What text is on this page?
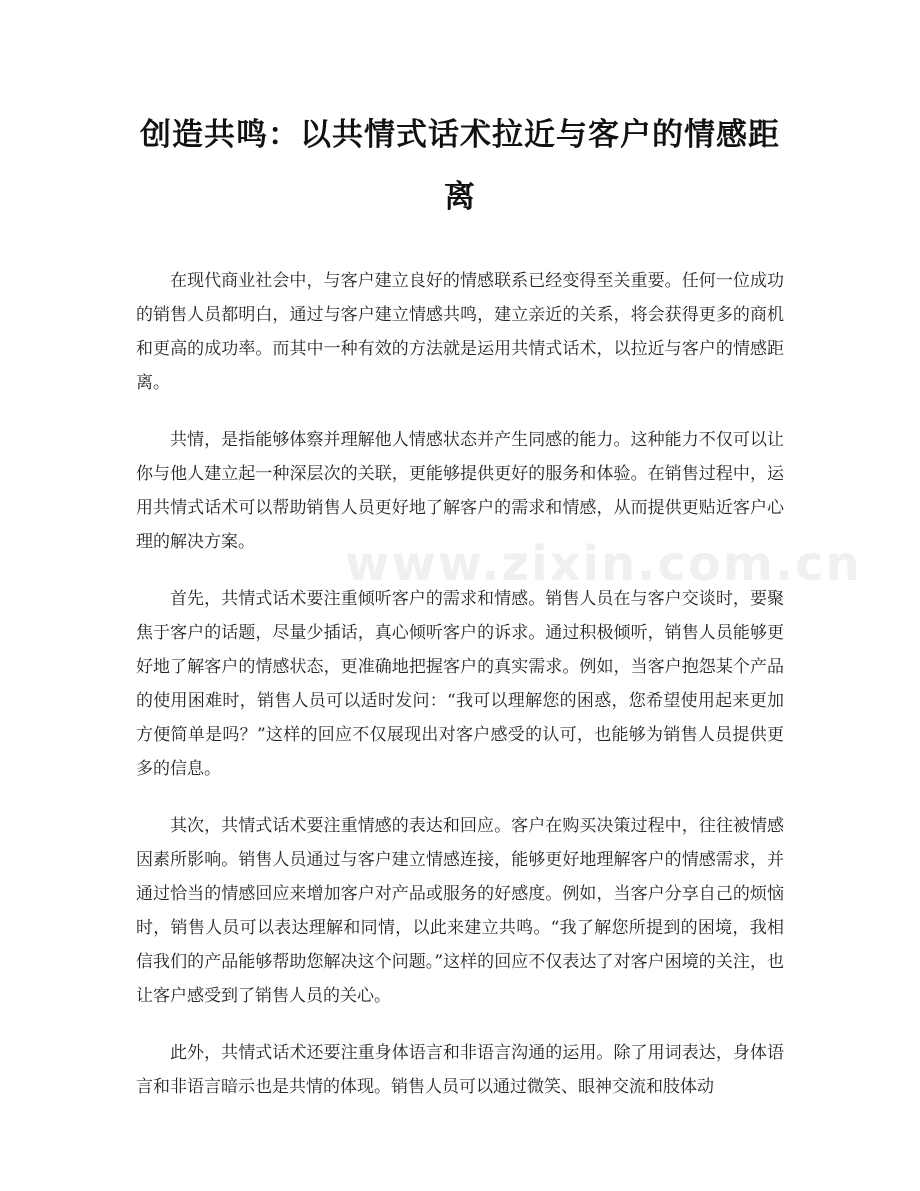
创造共鸣：以共情式话术拉近与客户的情感距离

在现代商业社会中，与客户建立良好的情感联系已经变得至关重要。任何一位成功的销售人员都明白，通过与客户建立情感共鸣，建立亲近的关系，将会获得更多的商机和更高的成功率。而其中一种有效的方法就是运用共情式话术，以拉近与客户的情感距离。

共情，是指能够体察并理解他人情感状态并产生同感的能力。这种能力不仅可以让你与他人建立起一种深层次的关联，更能够提供更好的服务和体验。在销售过程中，运用共情式话术可以帮助销售人员更好地了解客户的需求和情感，从而提供更贴近客户心理的解决方案。

首先，共情式话术要注重倾听客户的需求和情感。销售人员在与客户交谈时，要聚焦于客户的话题，尽量少插话，真心倾听客户的诉求。通过积极倾听，销售人员能够更好地了解客户的情感状态，更准确地把握客户的真实需求。例如，当客户抱怨某个产品的使用困难时，销售人员可以适时发问：“我可以理解您的困惑，您希望使用起来更加方便简单是吗？”这样的回应不仅展现出对客户感受的认可，也能够为销售人员提供更多的信息。

其次，共情式话术要注重情感的表达和回应。客户在购买决策过程中，往往被情感因素所影响。销售人员通过与客户建立情感连接，能够更好地理解客户的情感需求，并通过恰当的情感回应来增加客户对产品或服务的好感度。例如，当客户分享自己的烦恼时，销售人员可以表达理解和同情，以此来建立共鸣。“我了解您所提到的困境，我相信我们的产品能够帮助您解决这个问题。”这样的回应不仅表达了对客户困境的关注，也让客户感受到了销售人员的关心。

此外，共情式话术还要注重身体语言和非语言沟通的运用。除了用词表达，身体语言和非语言暗示也是共情的体现。销售人员可以通过微笑、眼神交流和肢体动

www.zixin.com.cn
